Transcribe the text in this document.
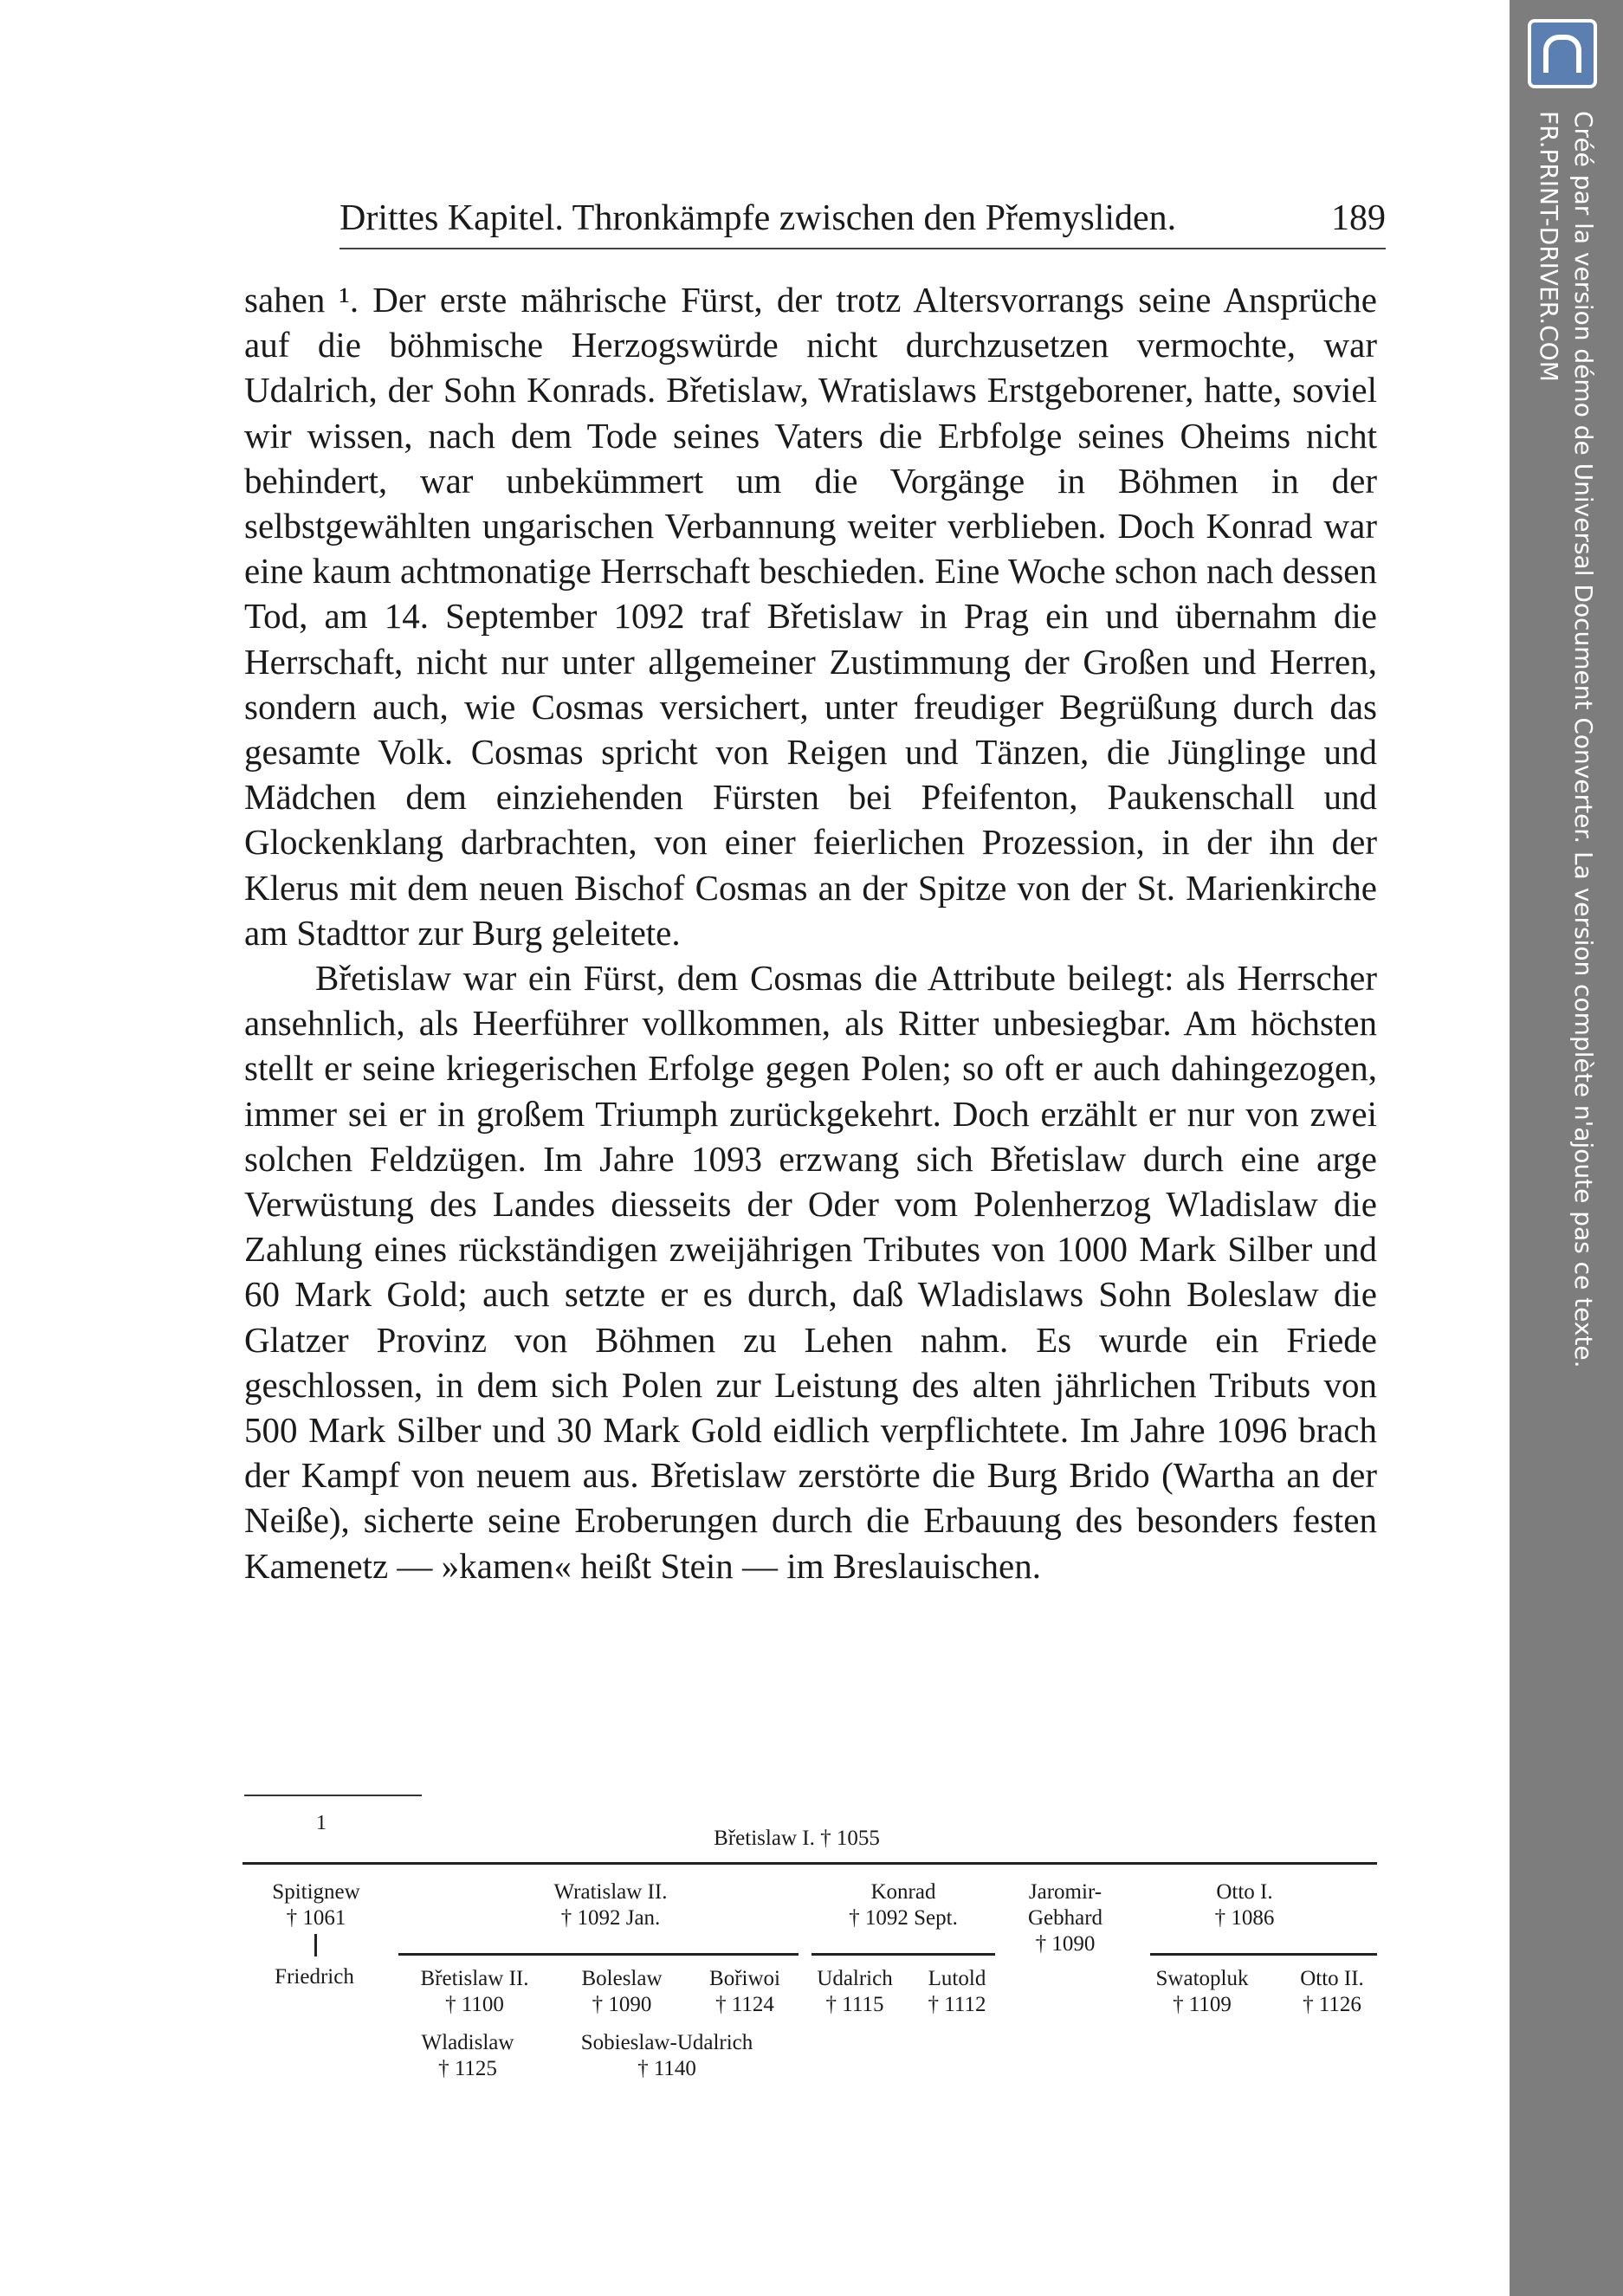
Créé par la version démo de Universal Document Converter. La version complète n'ajoute pas ce texte.
FR.PRINT-DRIVER.COM
Drittes Kapitel. Thronkämpfe zwischen den Přemysliden.	189

sahen ¹. Der erste mährische Fürst, der trotz Altersvorrangs seine Ansprüche auf die böhmische Herzogswürde nicht durchzusetzen vermochte, war Udalrich, der Sohn Konrads. Břetislaw, Wratislaws Erstgeborener, hatte, soviel wir wissen, nach dem Tode seines Vaters die Erbfolge seines Oheims nicht behindert, war unbekümmert um die Vorgänge in Böhmen in der selbstgewählten ungarischen Verbannung weiter verblieben. Doch Konrad war eine kaum achtmonatige Herrschaft beschieden. Eine Woche schon nach dessen Tod, am 14. September 1092 traf Břetislaw in Prag ein und übernahm die Herrschaft, nicht nur unter allgemeiner Zustimmung der Großen und Herren, sondern auch, wie Cosmas versichert, unter freudiger Begrüßung durch das gesamte Volk. Cosmas spricht von Reigen und Tänzen, die Jünglinge und Mädchen dem einziehenden Fürsten bei Pfeifenton, Paukenschall und Glockenklang darbrachten, von einer feierlichen Prozession, in der ihn der Klerus mit dem neuen Bischof Cosmas an der Spitze von der St. Marienkirche am Stadttor zur Burg geleitete.

Břetislaw war ein Fürst, dem Cosmas die Attribute beilegt: als Herrscher ansehnlich, als Heerführer vollkommen, als Ritter unbesiegbar. Am höchsten stellt er seine kriegerischen Erfolge gegen Polen; so oft er auch dahingezogen, immer sei er in großem Triumph zurückgekehrt. Doch erzählt er nur von zwei solchen Feldzügen. Im Jahre 1093 erzwang sich Břetislaw durch eine arge Verwüstung des Landes diesseits der Oder vom Polenherzog Wladislaw die Zahlung eines rückständigen zweijährigen Tributes von 1000 Mark Silber und 60 Mark Gold; auch setzte er es durch, daß Wladislaws Sohn Boleslaw die Glatzer Provinz von Böhmen zu Lehen nahm. Es wurde ein Friede geschlossen, in dem sich Polen zur Leistung des alten jährlichen Tributs von 500 Mark Silber und 30 Mark Gold eidlich verpflichtete. Im Jahre 1096 brach der Kampf von neuem aus. Břetislaw zerstörte die Burg Brido (Wartha an der Neiße), sicherte seine Eroberungen durch die Erbauung des besonders festen Kamenetz — »kamen« heißt Stein — im Breslauischen.

1
Břetislaw I. † 1055
Spitignew
† 1061
Wratislaw II.
† 1092 Jan.
Konrad
† 1092 Sept.
Jaromir-
Gebhard
† 1090
Otto I.
† 1086
Friedrich	Břetislaw II.
† 1100
Boleslaw
† 1090
Bořiwoi
† 1124
Udalrich
† 1115
Lutold
† 1112
Swatopluk
† 1109
Otto II.
† 1126
Wladislaw
† 1125
Sobieslaw-Udalrich
† 1140
